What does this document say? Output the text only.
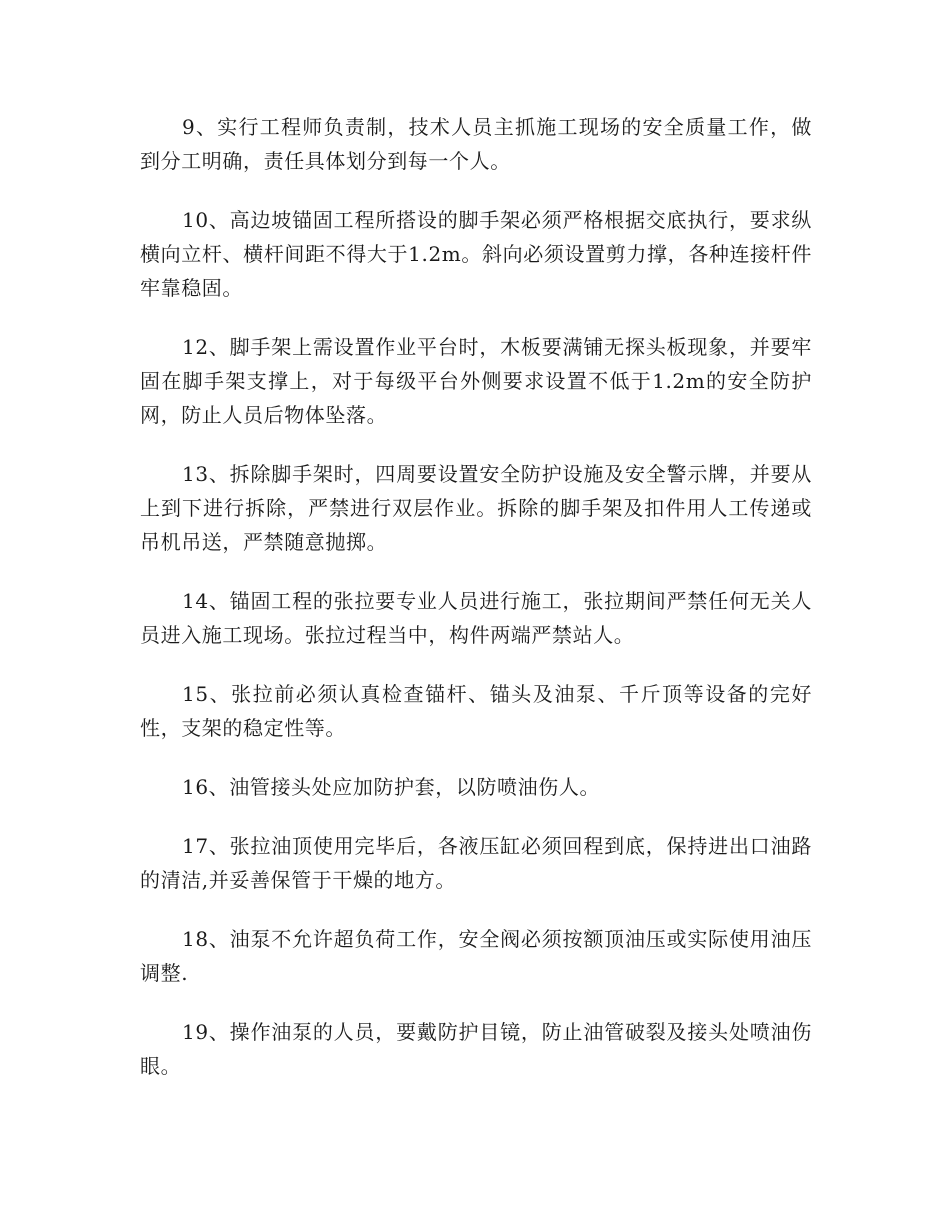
9、实行工程师负责制，技术人员主抓施工现场的安全质量工作，做到分工明确，责任具体划分到每一个人。

10、高边坡锚固工程所搭设的脚手架必须严格根据交底执行，要求纵横向立杆、横杆间距不得大于1.2m。斜向必须设置剪力撑，各种连接杆件牢靠稳固。

12、脚手架上需设置作业平台时，木板要满铺无探头板现象，并要牢固在脚手架支撑上，对于每级平台外侧要求设置不低于1.2m的安全防护网，防止人员后物体坠落。

13、拆除脚手架时，四周要设置安全防护设施及安全警示牌，并要从上到下进行拆除，严禁进行双层作业。拆除的脚手架及扣件用人工传递或吊机吊送，严禁随意抛掷。

14、锚固工程的张拉要专业人员进行施工，张拉期间严禁任何无关人员进入施工现场。张拉过程当中，构件两端严禁站人。

15、张拉前必须认真检查锚杆、锚头及油泵、千斤顶等设备的完好性，支架的稳定性等。

16、油管接头处应加防护套，以防喷油伤人。

17、张拉油顶使用完毕后，各液压缸必须回程到底，保持进出口油路的清洁,并妥善保管于干燥的地方。

18、油泵不允许超负荷工作，安全阀必须按额顶油压或实际使用油压调整.

19、操作油泵的人员，要戴防护目镜，防止油管破裂及接头处喷油伤眼。
